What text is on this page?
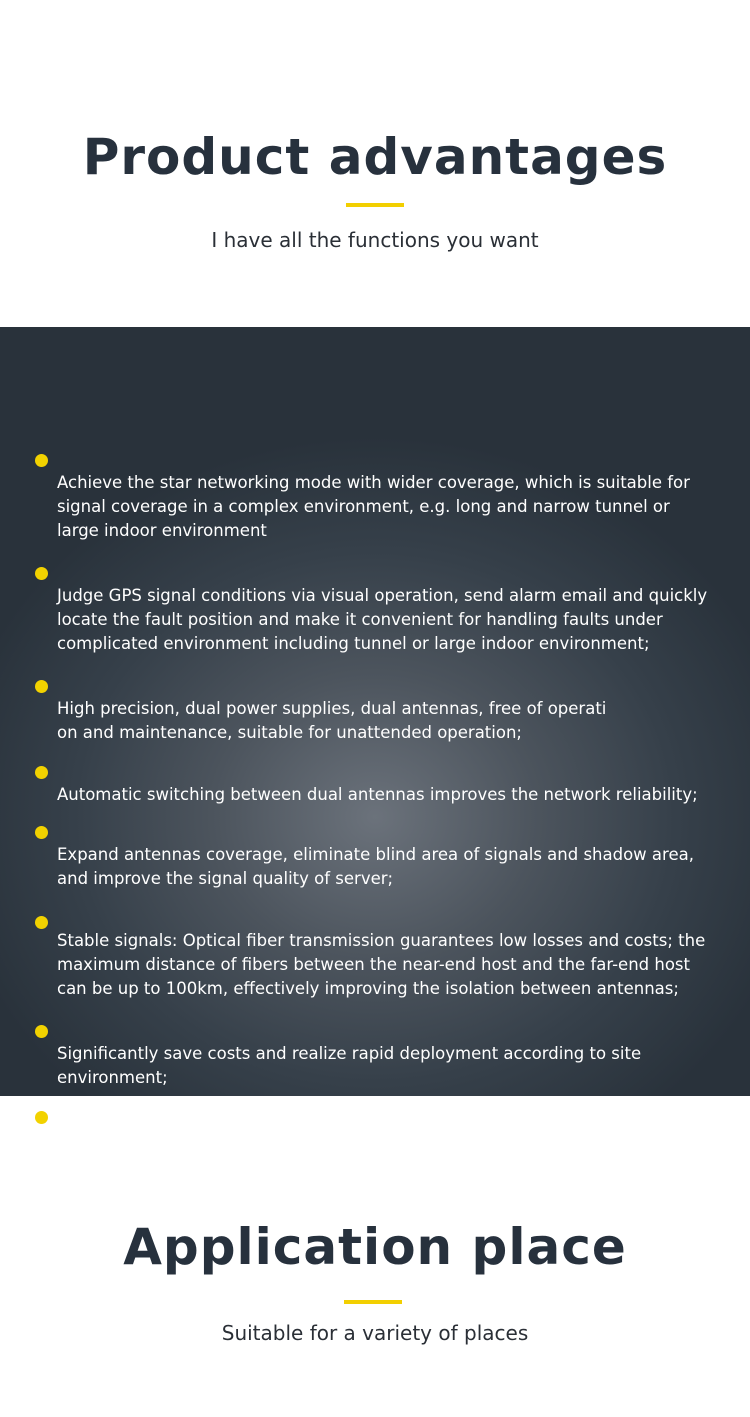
Product advantages
I have all the functions you want

Achieve the star networking mode with wider coverage, which is suitable for
signal coverage in a complex environment, e.g. long and narrow tunnel or
large indoor environment

Judge GPS signal conditions via visual operation, send alarm email and quickly
locate the fault position and make it convenient for handling faults under
complicated environment including tunnel or large indoor environment;

High precision, dual power supplies, dual antennas, free of operati
on and maintenance, suitable for unattended operation;

Automatic switching between dual antennas improves the network reliability;

Expand antennas coverage, eliminate blind area of signals and shadow area,
and improve the signal quality of server;

Stable signals: Optical fiber transmission guarantees low losses and costs; the
maximum distance of fibers between the near-end host and the far-end host
can be up to 100km, effectively improving the isolation between antennas;

Significantly save costs and realize rapid deployment according to site
environment;

Near-end host and far-end host design guarantees the isolation and makes it
convenient for engineering installation;

Application place
Suitable for a variety of places
